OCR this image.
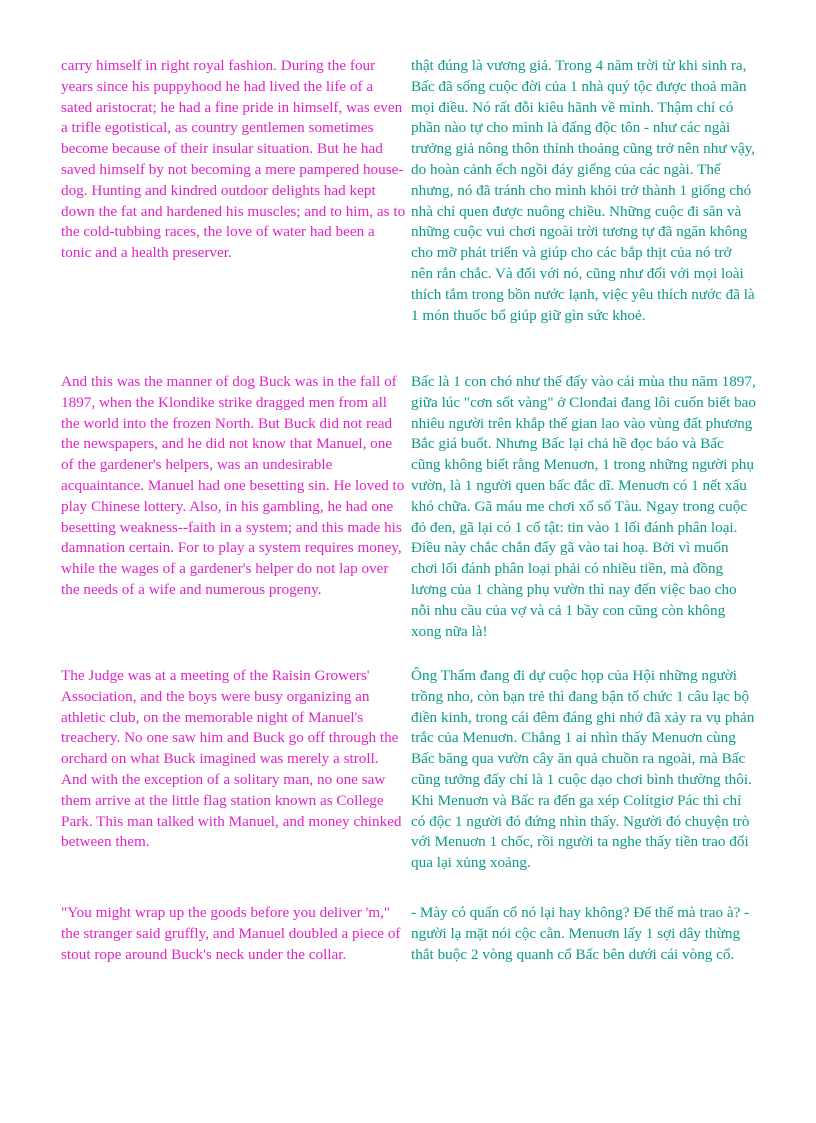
carry himself in right royal fashion. During the four years since his puppyhood he had lived the life of a sated aristocrat; he had a fine pride in himself, was even a trifle egotistical, as country gentlemen sometimes become because of their insular situation. But he had saved himself by not becoming a mere pampered house-dog. Hunting and kindred outdoor delights had kept down the fat and hardened his muscles; and to him, as to the cold-tubbing races, the love of water had been a tonic and a health preserver.

thật đúng là vương giả. Trong 4 năm trời từ khi sinh ra, Bấc đã sống cuộc đời của 1 nhà quý tộc được thoả mãn mọi điều. Nó rất đỗi kiêu hãnh về mình. Thậm chí có phần nào tự cho mình là đấng độc tôn - như các ngài trưởng giả nông thôn thỉnh thoảng cũng trở nên như vậy, do hoàn cảnh ếch ngồi đáy giếng của các ngài. Thế nhưng, nó đã tránh cho mình khỏi trở thành 1 giống chó nhà chỉ quen được nuông chiều. Những cuộc đi săn và những cuộc vui chơi ngoài trời tương tự đã ngăn không cho mỡ phát triển và giúp cho các bắp thịt của nó trở nên rắn chắc. Và đối với nó, cũng như đối với mọi loài thích tắm trong bồn nước lạnh, việc yêu thích nước đã là 1 món thuốc bổ giúp giữ gìn sức khoẻ.

And this was the manner of dog Buck was in the fall of 1897, when the Klondike strike dragged men from all the world into the frozen North. But Buck did not read the newspapers, and he did not know that Manuel, one of the gardener's helpers, was an undesirable acquaintance. Manuel had one besetting sin. He loved to play Chinese lottery. Also, in his gambling, he had one besetting weakness--faith in a system; and this made his damnation certain. For to play a system requires money, while the wages of a gardener's helper do not lap over the needs of a wife and numerous progeny.

Bấc là 1 con chó như thế đấy vào cái mùa thu năm 1897, giữa lúc "cơn sốt vàng" ở Clonđai đang lôi cuốn biết bao nhiêu người trên khắp thế gian lao vào vùng đất phương Bắc giá buốt. Nhưng Bấc lại chả hề đọc báo và Bấc cũng không biết rằng Menuơn, 1 trong những người phụ vườn, là 1 người quen bấc đắc dĩ. Menuơn có 1 nết xấu khó chữa. Gã máu me chơi xổ số Tàu. Ngay trong cuộc đỏ đen, gã lại có 1 cố tật: tin vào 1 lối đánh phân loại. Điều này chắc chắn đẩy gã vào tai hoạ. Bởi vì muốn chơi lối đánh phân loại phải có nhiều tiền, mà đồng lương của 1 chàng phụ vườn thì nay đến việc bao cho nỗi nhu cầu của vợ và cả 1 bầy con cũng còn không xong nữa là!

The Judge was at a meeting of the Raisin Growers' Association, and the boys were busy organizing an athletic club, on the memorable night of Manuel's treachery. No one saw him and Buck go off through the orchard on what Buck imagined was merely a stroll. And with the exception of a solitary man, no one saw them arrive at the little flag station known as College Park. This man talked with Manuel, and money chinked between them.

Ông Thẩm đang đi dự cuộc họp của Hội những người trồng nho, còn bạn trẻ thì đang bận tổ chức 1 câu lạc bộ điền kinh, trong cái đêm đáng ghi nhớ đã xảy ra vụ phản trắc của Menuơn. Chẳng 1 ai nhìn thấy Menuơn cùng Bấc băng qua vườn cây ăn quả chuồn ra ngoài, mà Bấc cũng tưởng đấy chỉ là 1 cuộc dạo chơi bình thường thôi. Khi Menuơn và Bấc ra đến ga xép Colítgiơ Pác thì chỉ có độc 1 người đó đứng nhìn thấy. Người đó chuyện trò với Menuơn 1 chốc, rồi người ta nghe thấy tiền trao đổi qua lại xủng xoảng.

"You might wrap up the goods before you deliver 'm," the stranger said gruffly, and Manuel doubled a piece of stout rope around Buck's neck under the collar.

- Mày có quấn cổ nó lại hay không? Để thế mà trao à? - người lạ mặt nói cộc cằn. Menuơn lấy 1 sợi dây thừng thắt buộc 2 vòng quanh cổ Bấc bên dưới cái vòng cổ.
